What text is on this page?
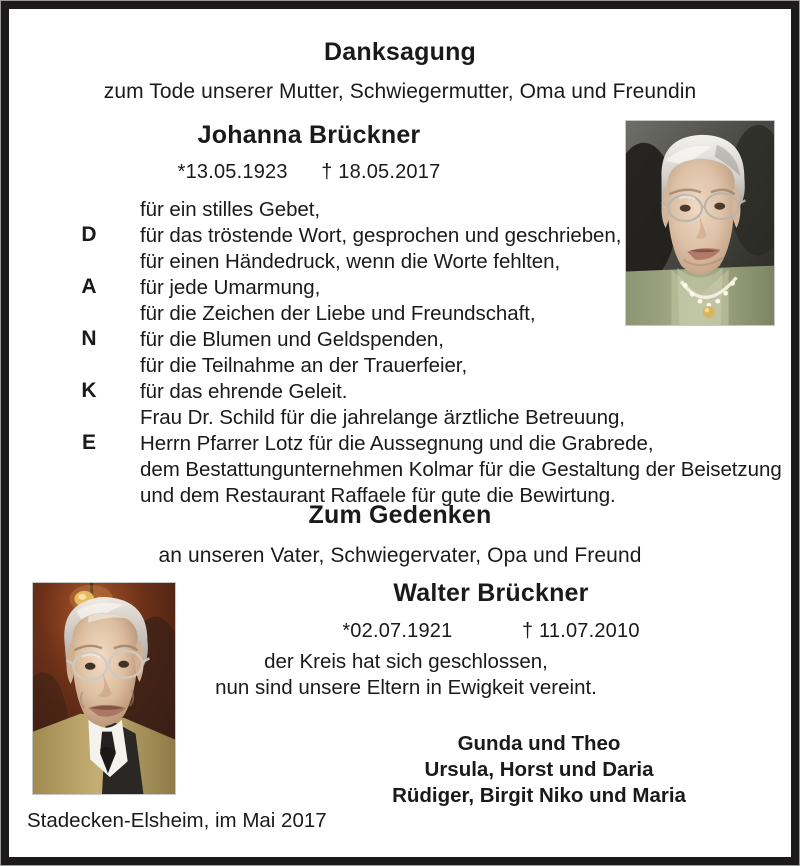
Danksagung
zum Tode unserer Mutter, Schwiegermutter, Oma und Freundin
Johanna Brückner
*13.05.1923 † 18.05.2017
D
A
N
K
E
für ein stilles Gebet,
für das tröstende Wort, gesprochen und geschrieben,
für einen Händedruck, wenn die Worte fehlten,
für jede Umarmung,
für die Zeichen der Liebe und Freundschaft,
für die Blumen und Geldspenden,
für die Teilnahme an der Trauerfeier,
für das ehrende Geleit.
Frau Dr. Schild für die jahrelange ärztliche Betreuung,
Herrn Pfarrer Lotz für die Aussegnung und die Grabrede,
dem Bestattungunternehmen Kolmar für die Gestaltung der Beisetzung
und dem Restaurant Raffaele für gute die Bewirtung.
Zum Gedenken
an unseren Vater, Schwiegervater, Opa und Freund
Walter Brückner
*02.07.1921	† 11.07.2010
der Kreis hat sich geschlossen,
nun sind unsere Eltern in Ewigkeit vereint.
Gunda und Theo
Ursula, Horst und Daria
Rüdiger, Birgit Niko und Maria
Stadecken-Elsheim, im Mai 2017
